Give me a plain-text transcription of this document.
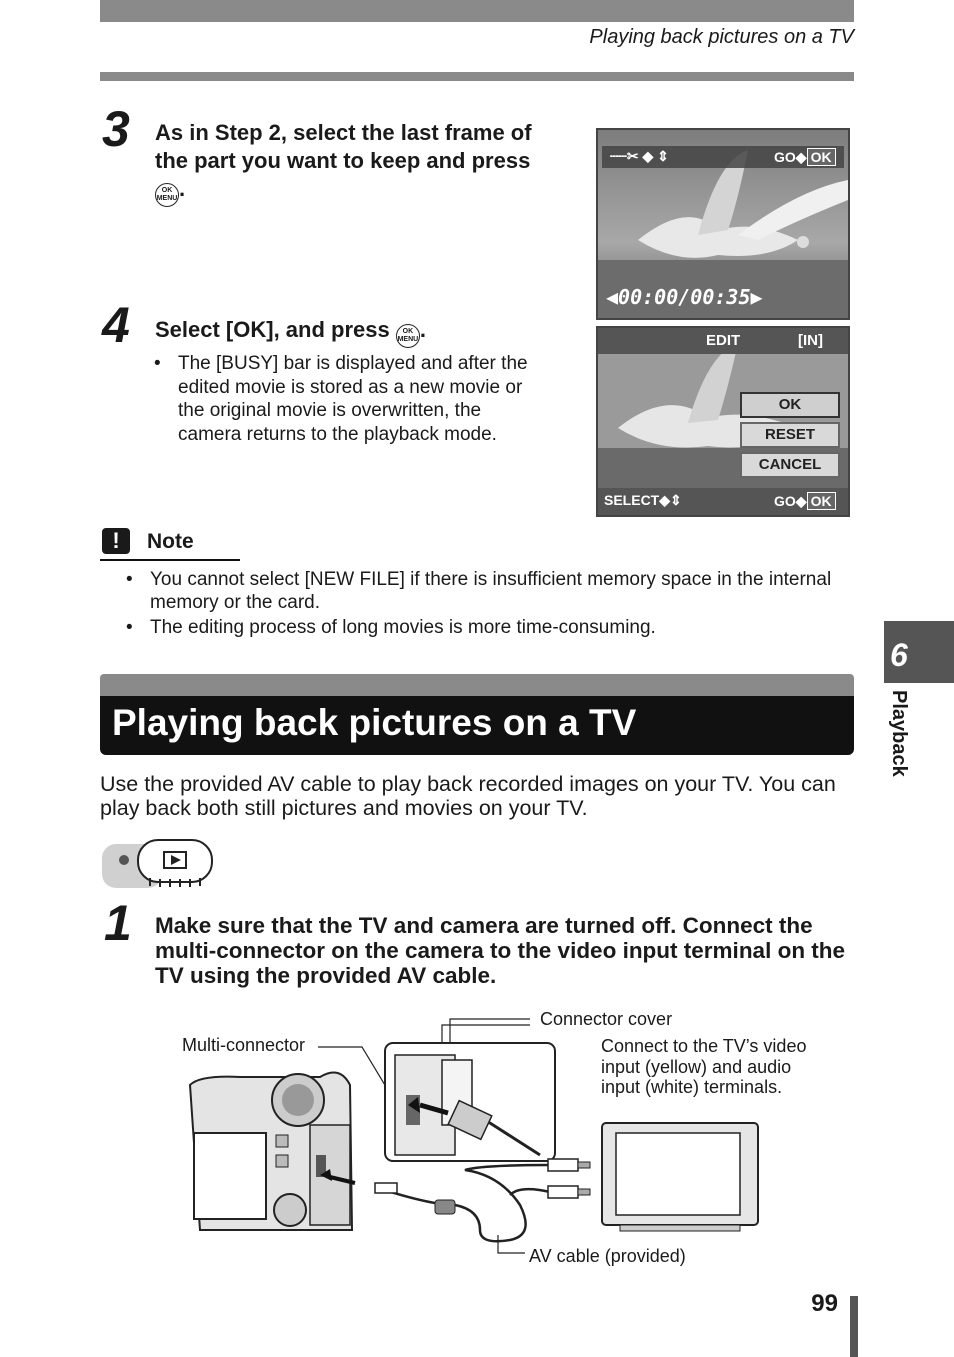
Playing back pictures on a TV
3 As in Step 2, select the last frame of the part you want to keep and press OK
MENU.
┄┄✂ ◆ ⇕	GO◆ OK
◀00:00/00:35▶
4 Select [OK], and press OK
MENU.
• The [BUSY] bar is displayed and after the edited movie is stored as a new movie or the original movie is overwritten, the camera returns to the playback mode.
EDIT	[IN]
OK
RESET
CANCEL
SELECT◆⇕	GO◆ OK
!	Note
• You cannot select [NEW FILE] if there is insufficient memory space in the internal memory or the card.
• The editing process of long movies is more time-consuming.
Playing back pictures on a TV
Use the provided AV cable to play back recorded images on your TV. You can play back both still pictures and movies on your TV.
1 Make sure that the TV and camera are turned off. Connect the multi-connector on the camera to the video input terminal on the TV using the provided AV cable.
Connector cover
Multi-connector	Connect to the TV’s video input (yellow) and audio input (white) terminals.
AV cable (provided)
6
Playback
99
